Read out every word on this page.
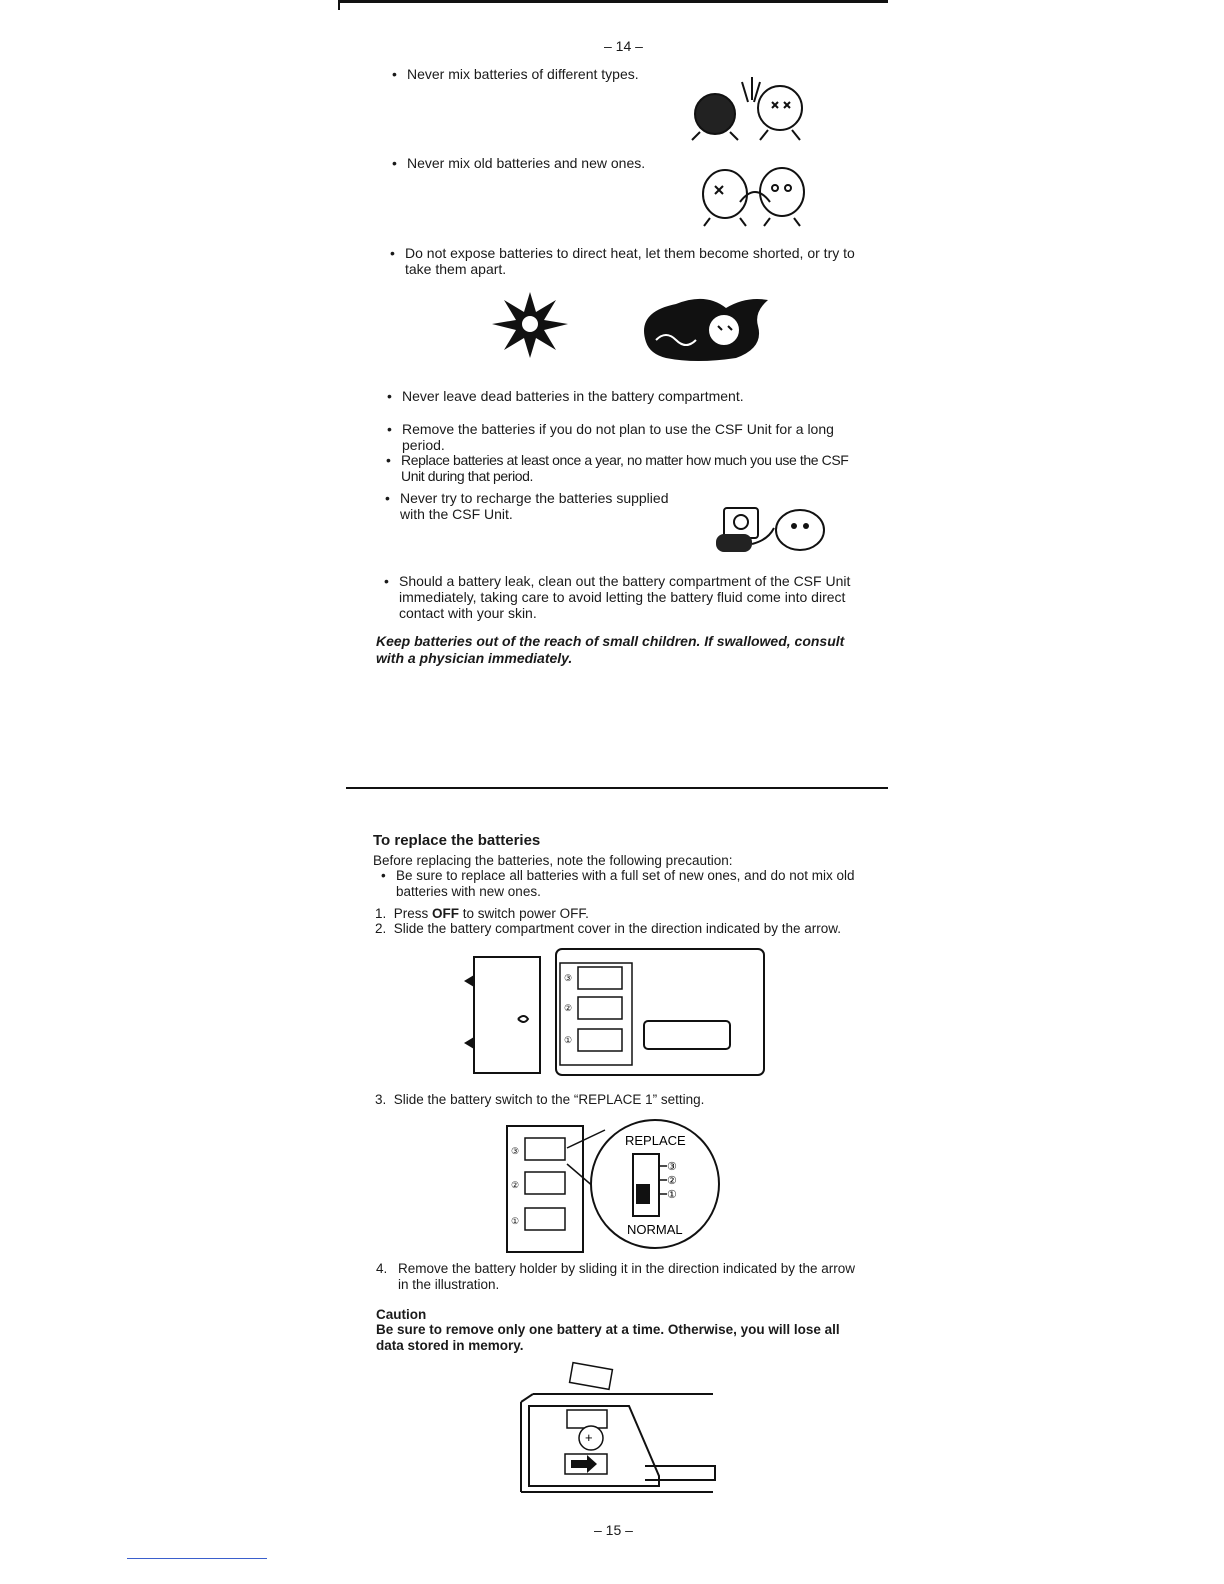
– 14 –
• Never mix batteries of different types.
• Never mix old batteries and new ones.
• Do not expose batteries to direct heat, let them become shorted, or try to take them apart.
• Never leave dead batteries in the battery compartment.
• Remove the batteries if you do not plan to use the CSF Unit for a long period.
• Replace batteries at least once a year, no matter how much you use the CSF Unit during that period.
• Never try to recharge the batteries supplied with the CSF Unit.
• Should a battery leak, clean out the battery compartment of the CSF Unit immediately, taking care to avoid letting the battery fluid come into direct contact with your skin.
Keep batteries out of the reach of small children. If swallowed, consult with a physician immediately.
To replace the batteries
Before replacing the batteries, note the following precaution:
• Be sure to replace all batteries with a full set of new ones, and do not mix old batteries with new ones.
1. Press OFF to switch power OFF.
2. Slide the battery compartment cover in the direction indicated by the arrow.
③
②
①
3. Slide the battery switch to the “REPLACE 1” setting.
③
②
①
REPLACE
NORMAL
③
②
①
4. Remove the battery holder by sliding it in the direction indicated by the arrow in the illustration.
Caution
Be sure to remove only one battery at a time. Otherwise, you will lose all data stored in memory.
+
– 15 –
